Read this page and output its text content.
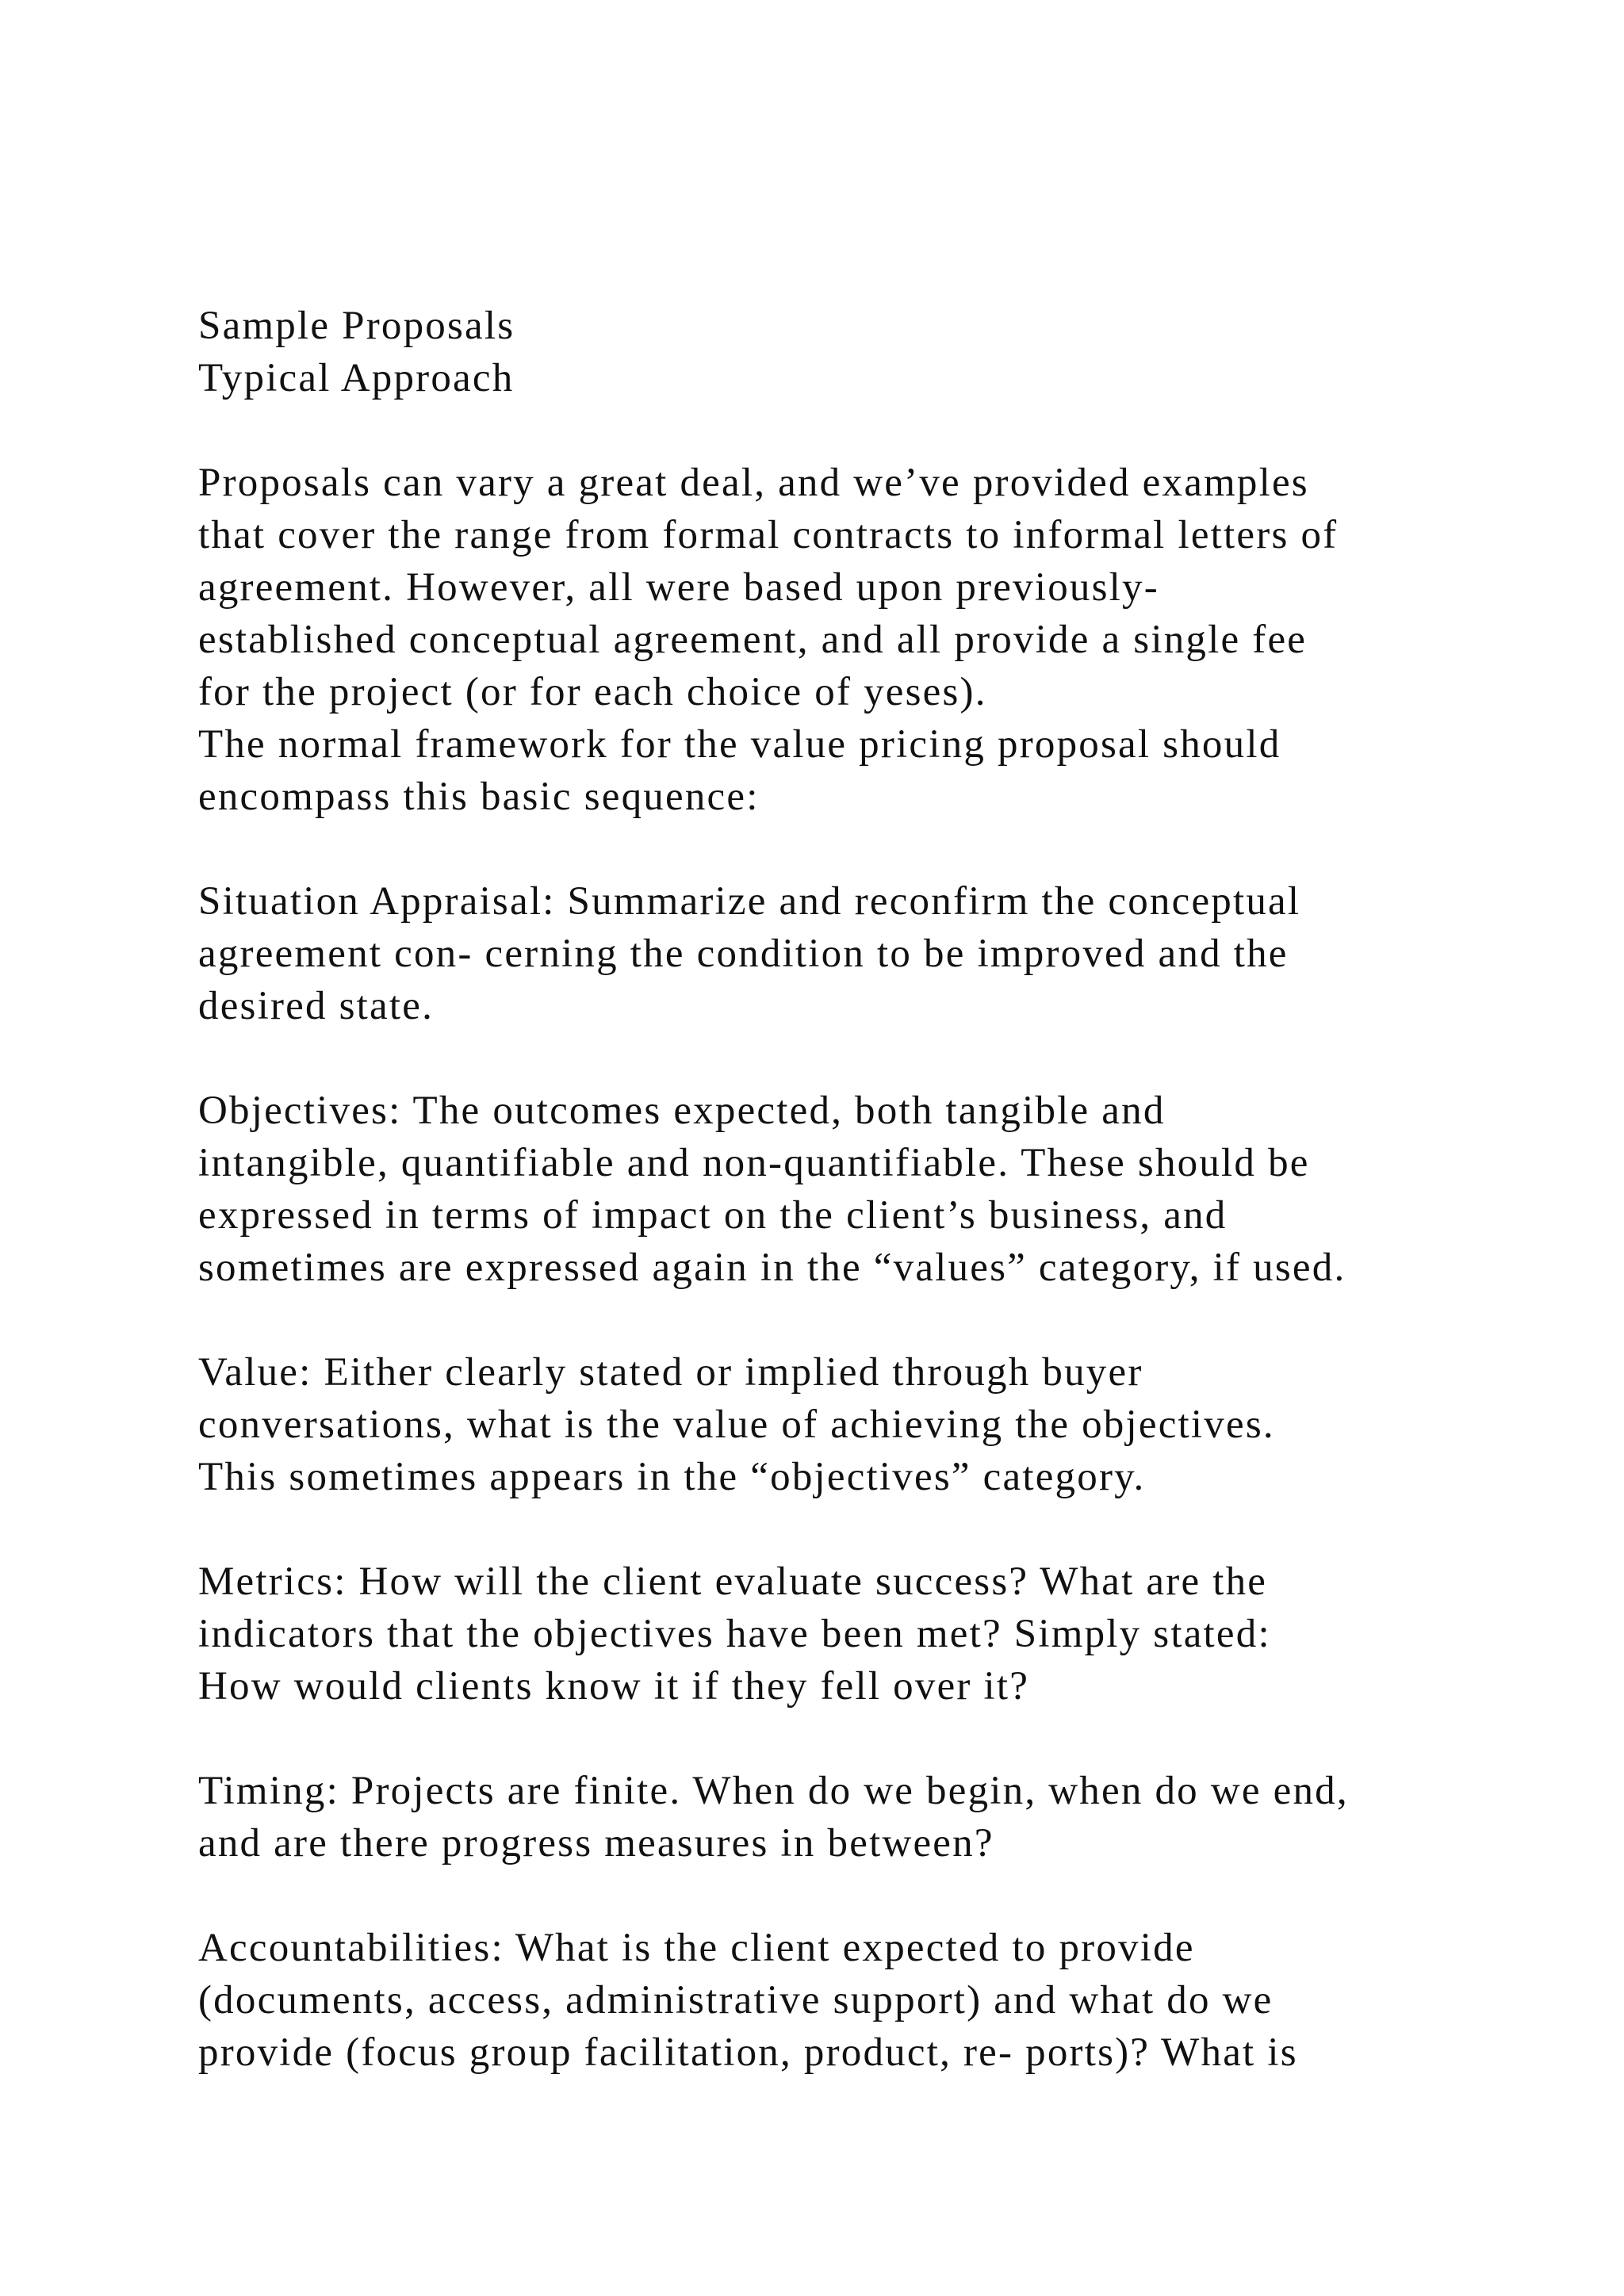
Sample Proposals
Typical Approach
Proposals can vary a great deal, and we’ve provided examples
that cover the range from formal contracts to informal letters of
agreement. However, all were based upon previously-
established conceptual agreement, and all provide a single fee
for the project (or for each choice of yeses).
The normal framework for the value pricing proposal should
encompass this basic sequence:
Situation Appraisal: Summarize and reconfirm the conceptual
agreement con- cerning the condition to be improved and the
desired state.
Objectives: The outcomes expected, both tangible and
intangible, quantifiable and non-quantifiable. These should be
expressed in terms of impact on the client’s business, and
sometimes are expressed again in the “values” category, if used.
Value: Either clearly stated or implied through buyer
conversations, what is the value of achieving the objectives.
This sometimes appears in the “objectives” category.
Metrics: How will the client evaluate success? What are the
indicators that the objectives have been met? Simply stated:
How would clients know it if they fell over it?
Timing: Projects are finite. When do we begin, when do we end,
and are there progress measures in between?
Accountabilities: What is the client expected to provide
(documents, access, administrative support) and what do we
provide (focus group facilitation, product, re- ports)? What is
